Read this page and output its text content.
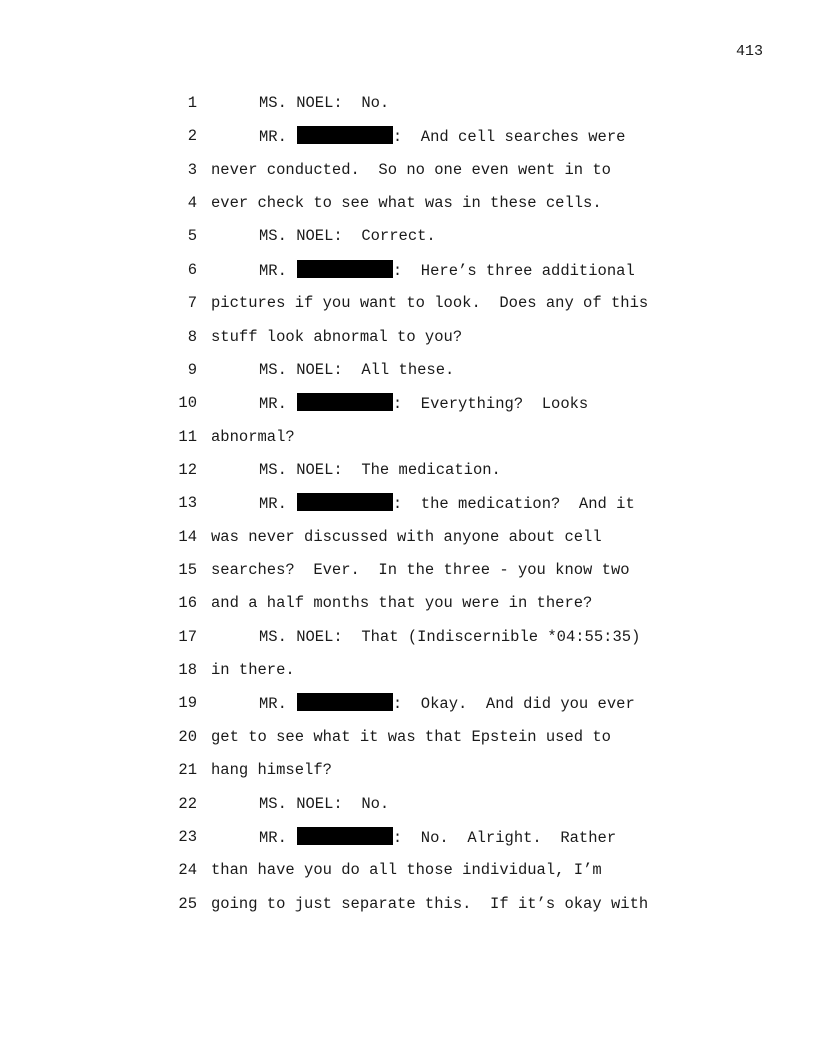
413
1	MS. NOEL:  No.
2	MR.	:  And cell searches were
3 never conducted.  So no one even went in to
4 ever check to see what was in these cells.
5	MS. NOEL:  Correct.
6	MR.	:  Here’s three additional
7 pictures if you want to look.  Does any of this
8 stuff look abnormal to you?
9	MS. NOEL:  All these.
10	MR.	:  Everything?  Looks
11 abnormal?
12	MS. NOEL:  The medication.
13	MR.	:  the medication?  And it
14 was never discussed with anyone about cell
15 searches?  Ever.  In the three - you know two
16 and a half months that you were in there?
17	MS. NOEL:  That (Indiscernible *04:55:35)
18 in there.
19	MR.	:  Okay.  And did you ever
20 get to see what it was that Epstein used to
21 hang himself?
22	MS. NOEL:  No.
23	MR.	:  No.  Alright.  Rather
24 than have you do all those individual, I’m
25 going to just separate this.  If it’s okay with
